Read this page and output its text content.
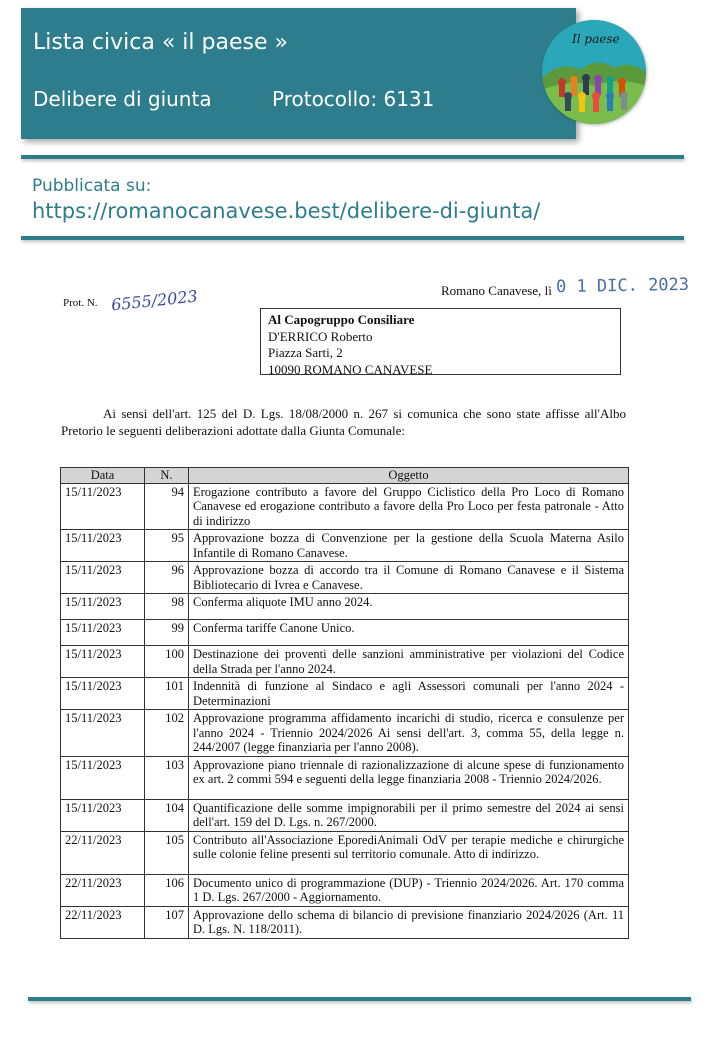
Lista civica « il paese »
Delibere di giunta	Protocollo: 6131
Il paese
Pubblicata su:
https://romanocanavese.best/delibere-di-giunta/
Romano Canavese, lì 0 1 DIC. 2023
Prot. N. 6555/2023
Al Capogruppo Consiliare
D'ERRICO Roberto
Piazza Sarti, 2
10090 ROMANO CANAVESE
Ai sensi dell'art. 125 del D. Lgs. 18/08/2000 n. 267 si comunica che sono state affisse all'Albo Pretorio le seguenti deliberazioni adottate dalla Giunta Comunale:
Data	N.	Oggetto
15/11/2023	94	Erogazione contributo a favore del Gruppo Ciclistico della Pro Loco di Romano Canavese ed erogazione contributo a favore della Pro Loco per festa patronale - Atto di indirizzo
15/11/2023	95	Approvazione bozza di Convenzione per la gestione della Scuola Materna Asilo Infantile di Romano Canavese.
15/11/2023	96	Approvazione bozza di accordo tra il Comune di Romano Canavese e il Sistema Bibliotecario di Ivrea e Canavese.
15/11/2023	98	Conferma aliquote IMU anno 2024.
15/11/2023	99	Conferma tariffe Canone Unico.
15/11/2023	100	Destinazione dei proventi delle sanzioni amministrative per violazioni del Codice della Strada per l'anno 2024.
15/11/2023	101	Indennità di funzione al Sindaco e agli Assessori comunali per l'anno 2024 - Determinazioni
15/11/2023	102	Approvazione programma affidamento incarichi di studio, ricerca e consulenze per l'anno 2024 - Triennio 2024/2026 Ai sensi dell'art. 3, comma 55, della legge n. 244/2007 (legge finanziaria per l'anno 2008).
15/11/2023	103	Approvazione piano triennale di razionalizzazione di alcune spese di funzionamento ex art. 2 commi 594 e seguenti della legge finanziaria 2008 - Triennio 2024/2026.
15/11/2023	104	Quantificazione delle somme impignorabili per il primo semestre del 2024 ai sensi dell'art. 159 del D. Lgs. n. 267/2000.
22/11/2023	105	Contributo all'Associazione EporediAnimali OdV per terapie mediche e chirurgiche sulle colonie feline presenti sul territorio comunale. Atto di indirizzo.
22/11/2023	106	Documento unico di programmazione (DUP) - Triennio 2024/2026. Art. 170 comma 1 D. Lgs. 267/2000 - Aggiornamento.
22/11/2023	107	Approvazione dello schema di bilancio di previsione finanziario 2024/2026 (Art. 11 D. Lgs. N. 118/2011).
